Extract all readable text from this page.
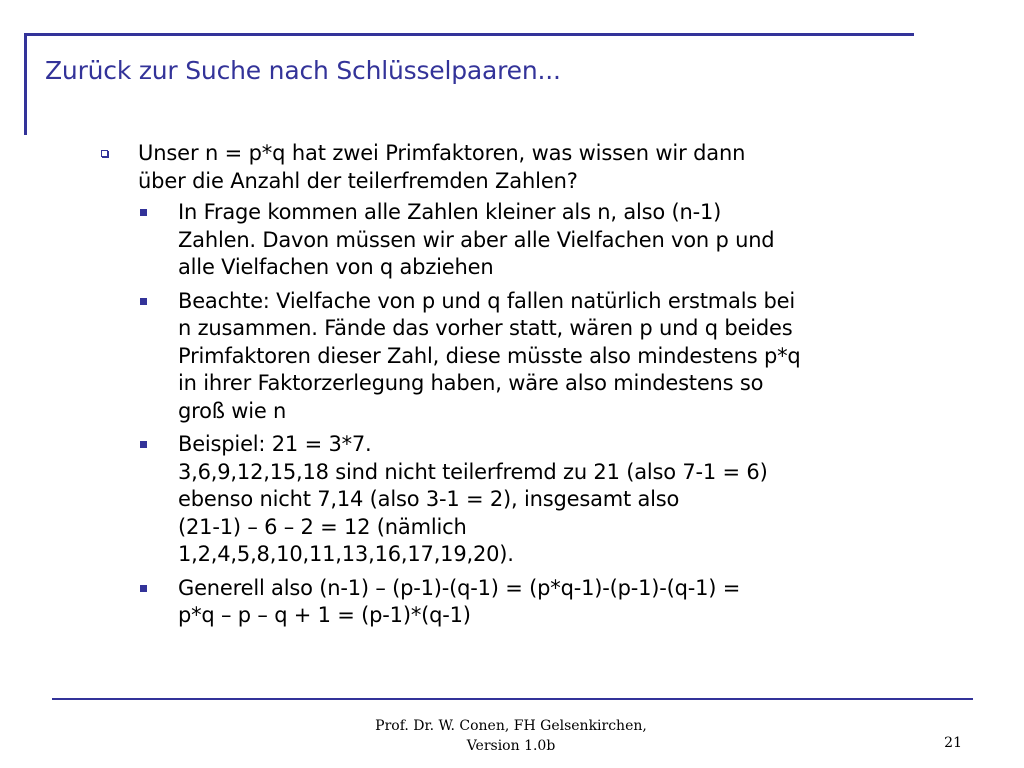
Zurück zur Suche nach Schlüsselpaaren...
Unser n = p*q hat zwei Primfaktoren, was wissen wir dann
über die Anzahl der teilerfremden Zahlen?
In Frage kommen alle Zahlen kleiner als n, also (n-1)
Zahlen. Davon müssen wir aber alle Vielfachen von p und
alle Vielfachen von q abziehen
Beachte: Vielfache von p und q fallen natürlich erstmals bei
n zusammen. Fände das vorher statt, wären p und q beides
Primfaktoren dieser Zahl, diese müsste also mindestens p*q
in ihrer Faktorzerlegung haben, wäre also mindestens so
groß wie n
Beispiel: 21 = 3*7.
3,6,9,12,15,18 sind nicht teilerfremd zu 21 (also 7-1 = 6)
ebenso nicht 7,14 (also 3-1 = 2), insgesamt also
(21-1) – 6 – 2 = 12 (nämlich
1,2,4,5,8,10,11,13,16,17,19,20).
Generell also (n-1) – (p-1)-(q-1) = (p*q-1)-(p-1)-(q-1) =
p*q – p – q + 1 = (p-1)*(q-1)
Prof. Dr. W. Conen, FH Gelsenkirchen,
Version 1.0b	21
